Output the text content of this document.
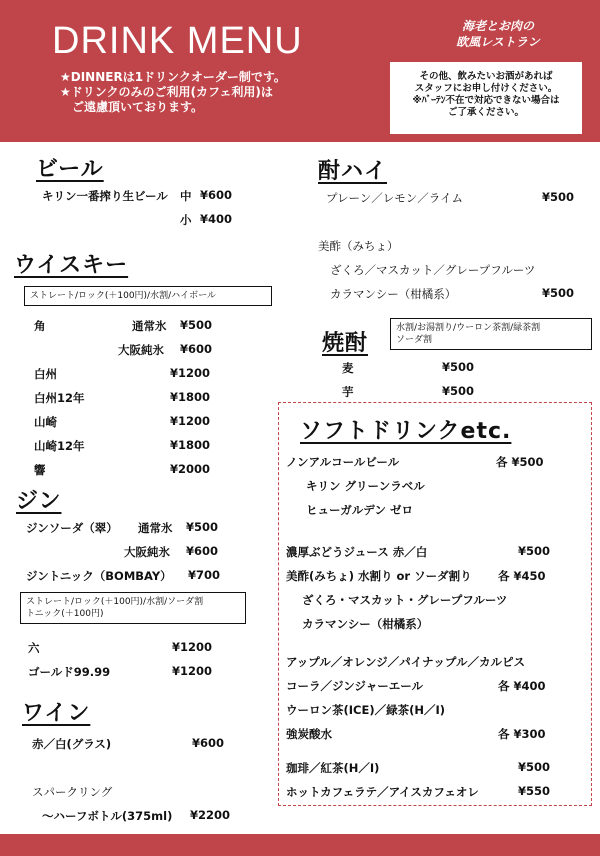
DRINK MENU
★DINNERは1ドリンクオーダー制です。
★ドリンクのみのご利用(カフェ利用)は
ご遠慮頂いております。
海老とお肉の
欧風レストラン
その他、飲みたいお酒があれば
スタッフにお申し付けください。
※ﾊﾞｰﾃﾝ不在で対応できない場合は
ご了承ください。
ビール
キリン一番搾り生ビール 中 ¥600
小 ¥400
ウイスキー
ストレート/ロック(＋100円)/水割/ハイボール
角	通常氷 ¥500
大阪純氷 ¥600
白州	¥1200
白州12年	¥1800
山崎	¥1200
山崎12年	¥1800
響	¥2000
ジン
ジンソーダ（翠） 通常氷 ¥500
大阪純氷 ¥600
ジントニック（BOMBAY） ¥700
ストレート/ロック(＋100円)/水割/ソーダ割
トニック(＋100円)
六	¥1200
ゴールド99.99	¥1200
ワイン
赤／白(グラス)	¥600
スパークリング
～ハーフボトル(375ml) ¥2200
酎ハイ
プレーン／レモン／ライム	¥500
美酢（みちょ）
ざくろ／マスカット／グレープフルーツ
カラマンシー（柑橘系）	¥500
焼酎
水割/お湯割り/ウーロン茶割/緑茶割
ソーダ割
麦	¥500
芋	¥500
ソフトドリンクetc.
ノンアルコールビール	各 ¥500
キリン グリーンラベル
ヒューガルデン ゼロ
濃厚ぶどうジュース 赤／白	¥500
美酢(みちょ) 水割り or ソーダ割り 各 ¥450
ざくろ・マスカット・グレープフルーツ
カラマンシー（柑橘系）
アップル／オレンジ／パイナップル／カルピス
コーラ／ジンジャーエール	各 ¥400
ウーロン茶(ICE)／緑茶(H／I)
強炭酸水	各 ¥300
珈琲／紅茶(H／I)	¥500
ホットカフェラテ／アイスカフェオレ	¥550
